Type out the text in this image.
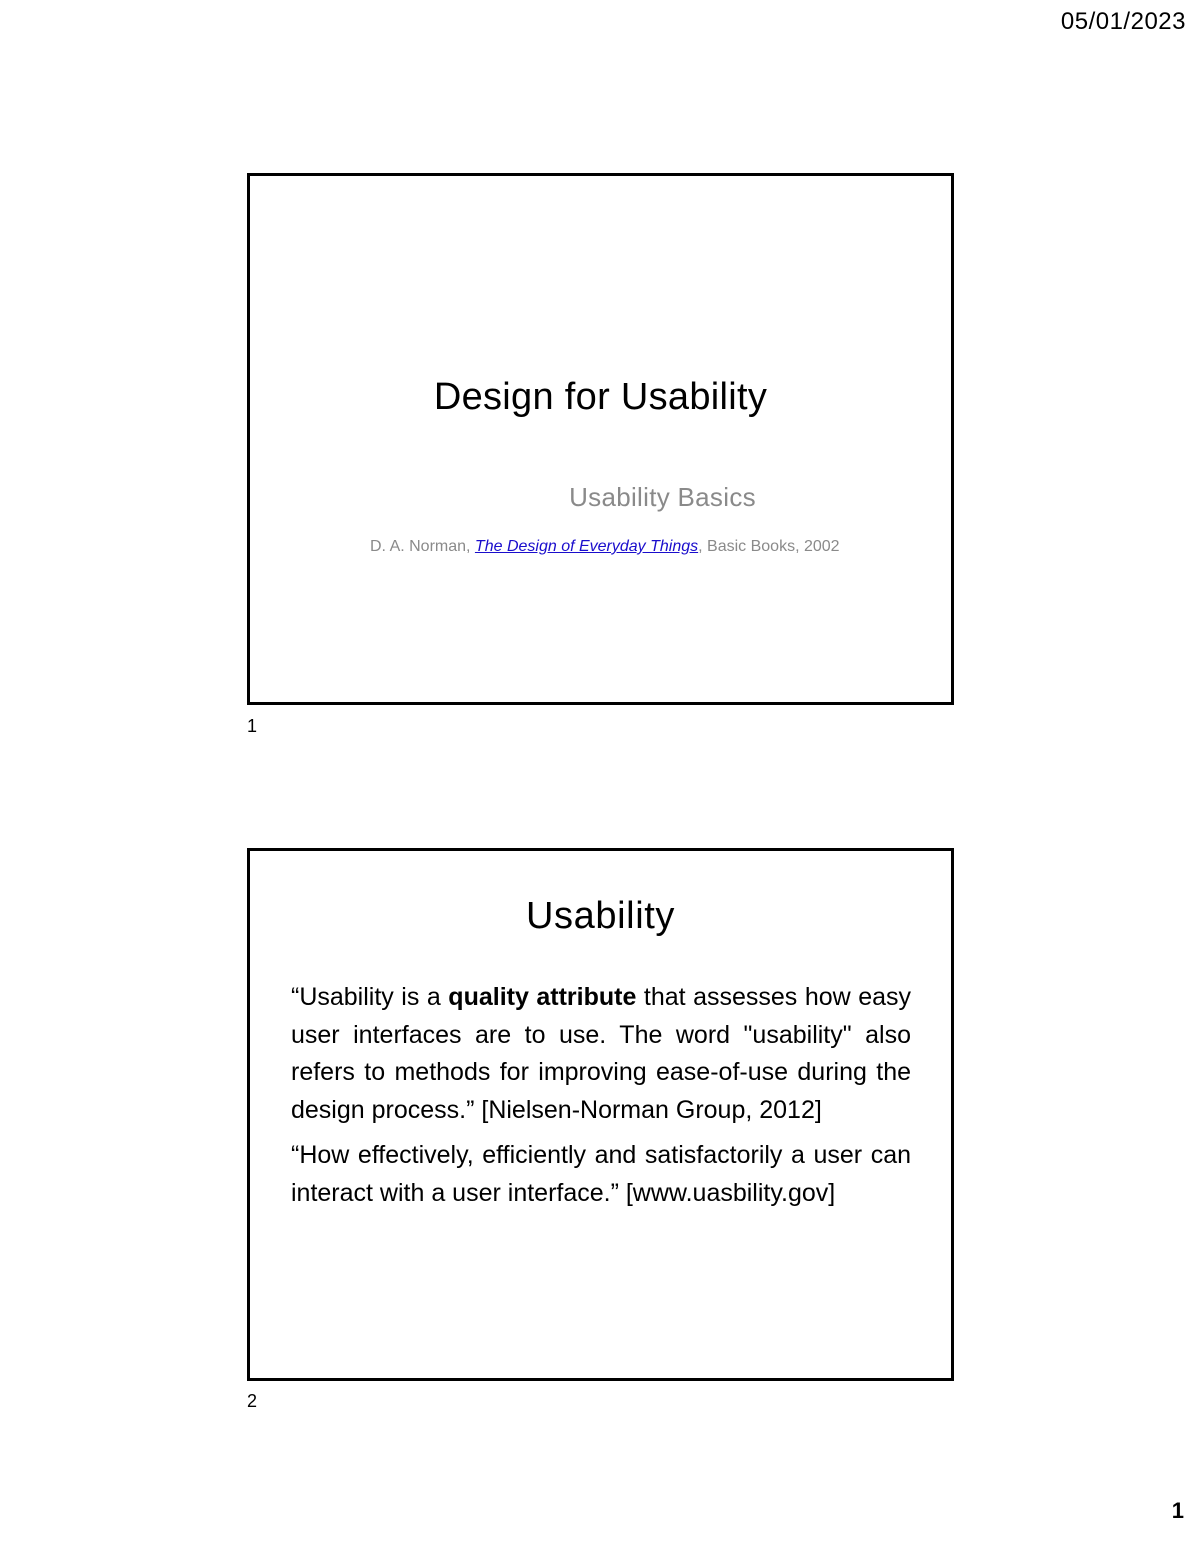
05/01/2023
Design for Usability
Usability Basics
D. A. Norman, The Design of Everyday Things, Basic Books, 2002
1
Usability

“Usability is a quality attribute that assesses how easy user interfaces are to use. The word "usability" also refers to methods for improving ease-of-use during the design process.” [Nielsen-Norman Group, 2012]

“How effectively, efficiently and satisfactorily a user can interact with a user interface.” [www.uasbility.gov]

2
1
